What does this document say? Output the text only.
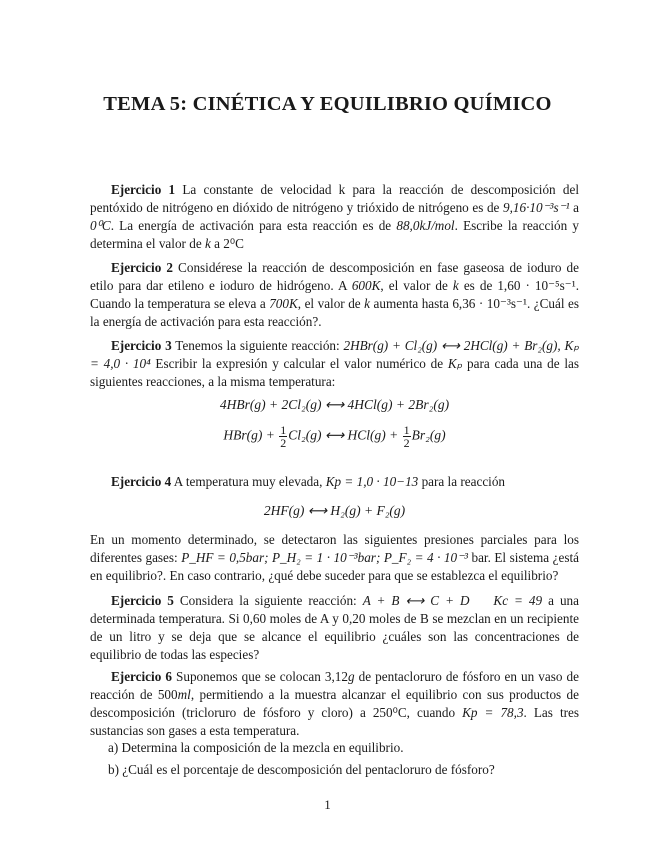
TEMA 5: CINÉTICA Y EQUILIBRIO QUÍMICO
Ejercicio 1 La constante de velocidad k para la reacción de descomposición del pentóxido de nitrógeno en dióxido de nitrógeno y trióxido de nitrógeno es de 9,16·10⁻³s⁻¹ a 0⁰C. La energía de activación para esta reacción es de 88,0kJ/mol. Escribe la reacción y determina el valor de k a 2⁰C
Ejercicio 2 Considérese la reacción de descomposición en fase gaseosa de ioduro de etilo para dar etileno e ioduro de hidrógeno. A 600K, el valor de k es de 1,60 · 10⁻⁵s⁻¹. Cuando la temperatura se eleva a 700K, el valor de k aumenta hasta 6,36 · 10⁻³s⁻¹. ¿Cuál es la energía de activación para esta reacción?.
Ejercicio 3 Tenemos la siguiente reacción: 2HBr(g) + Cl₂(g) ⟷ 2HCl(g) + Br₂(g), Kₚ = 4,0 · 10⁴ Escribir la expresión y calcular el valor numérico de Kₚ para cada una de las siguientes reacciones, a la misma temperatura:
4HBr(g) + 2Cl₂(g) ⟷ 4HCl(g) + 2Br₂(g)
$HBr(g) + \frac{1}{2} Cl_2(g)$ ⟷ $HCl(g) + \frac{1}{2} Br_2(g)$
Ejercicio 4 A temperatura muy elevada, Kp = 1,0 · 10−13 para la reacción
2HF(g) ⟷ H₂(g) + F₂(g)
En un momento determinado, se detectaron las siguientes presiones parciales para los diferentes gases: P_HF = 0,5bar; P_H₂ = 1 · 10⁻³bar; P_F₂ = 4 · 10⁻³ bar. El sistema ¿está en equilibrio?. En caso contrario, ¿qué debe suceder para que se establezca el equilibrio?
Ejercicio 5 Considera la siguiente reacción: A + B ⟷ C + D    Kc = 49 a una determinada temperatura. Si 0,60 moles de A y 0,20 moles de B se mezclan en un recipiente de un litro y se deja que se alcance el equilibrio ¿cuáles son las concentraciones de equilibrio de todas las especies?
Ejercicio 6 Suponemos que se colocan 3,12g de pentacloruro de fósforo en un vaso de reacción de 500ml, permitiendo a la muestra alcanzar el equilibrio con sus productos de descomposición (tricloruro de fósforo y cloro) a 250⁰C, cuando Kp = 78,3. Las tres sustancias son gases a esta temperatura.
a) Determina la composición de la mezcla en equilibrio.
b) ¿Cuál es el porcentaje de descomposición del pentacloruro de fósforo?
1
